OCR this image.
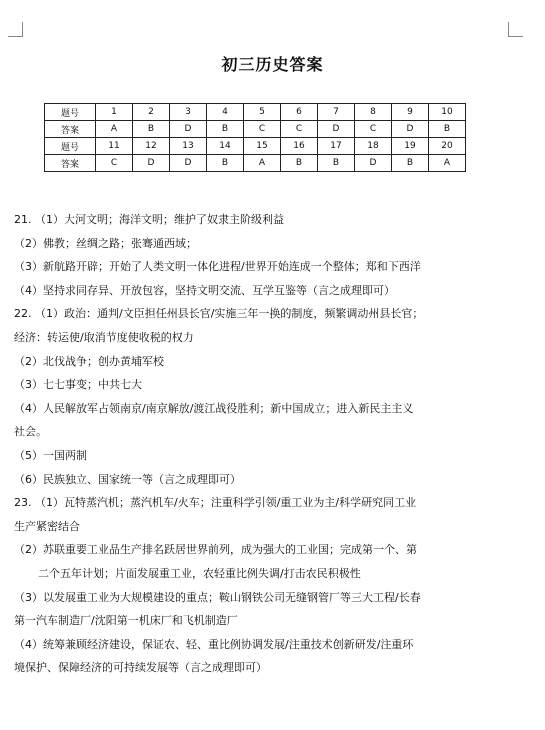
初三历史答案
题号	1	2	3	4	5	6	7	8	9	10
答案	A	B	D	B	C	C	D	C	D	B
题号	11	12	13	14	15	16	17	18	19	20
答案	C	D	D	B	A	B	B	D	B	A
21. （1）大河文明；海洋文明；维护了奴隶主阶级利益
（2）佛教；丝绸之路；张骞通西域；
（3）新航路开辟；开始了人类文明一体化进程/世界开始连成一个整体；郑和下西洋
（4）坚持求同存异、开放包容，坚持文明交流、互学互鉴等（言之成理即可）
22. （1）政治：通判/文臣担任州县长官/实施三年一换的制度，频繁调动州县长官；
经济：转运使/取消节度使收税的权力
（2）北伐战争；创办黄埔军校
（3）七七事变；中共七大
（4）人民解放军占领南京/南京解放/渡江战役胜利；新中国成立；进入新民主主义
社会。
（5）一国两制
（6）民族独立、国家统一等（言之成理即可）
23. （1）瓦特蒸汽机；蒸汽机车/火车；注重科学引领/重工业为主/科学研究同工业
生产紧密结合
（2）苏联重要工业品生产排名跃居世界前列，成为强大的工业国；完成第一个、第
二个五年计划；片面发展重工业，农轻重比例失调/打击农民积极性
（3）以发展重工业为大规模建设的重点；鞍山钢铁公司无缝钢管厂等三大工程/长春
第一汽车制造厂/沈阳第一机床厂和飞机制造厂
（4）统筹兼顾经济建设，保证农、轻、重比例协调发展/注重技术创新研发/注重环
境保护、保障经济的可持续发展等（言之成理即可）
